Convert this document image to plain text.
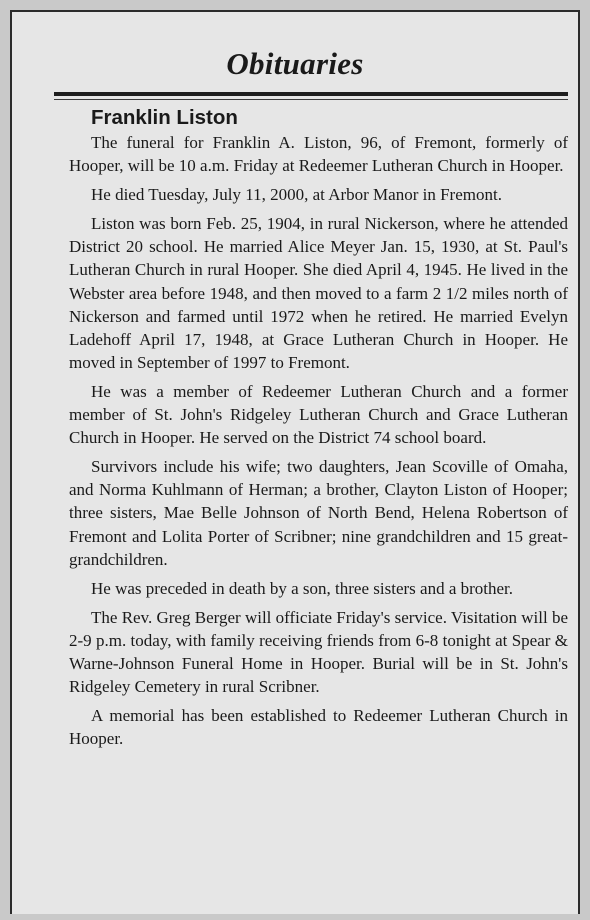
Obituaries
Franklin Liston

The funeral for Franklin A. Liston, 96, of Fremont, formerly of Hooper, will be 10 a.m. Friday at Redeemer Lutheran Church in Hooper.

He died Tuesday, July 11, 2000, at Arbor Manor in Fremont.

Liston was born Feb. 25, 1904, in rural Nickerson, where he attended District 20 school. He married Alice Meyer Jan. 15, 1930, at St. Paul's Lutheran Church in rural Hooper. She died April 4, 1945. He lived in the Webster area before 1948, and then moved to a farm 2 1/2 miles north of Nickerson and farmed until 1972 when he retired. He married Evelyn Ladehoff April 17, 1948, at Grace Lutheran Church in Hooper. He moved in September of 1997 to Fremont.

He was a member of Redeemer Lutheran Church and a former member of St. John's Ridgeley Lutheran Church and Grace Lutheran Church in Hooper. He served on the District 74 school board.

Survivors include his wife; two daughters, Jean Scoville of Omaha, and Norma Kuhlmann of Herman; a brother, Clayton Liston of Hooper; three sisters, Mae Belle Johnson of North Bend, Helena Robertson of Fremont and Lolita Porter of Scribner; nine grandchildren and 15 great-grandchildren.

He was preceded in death by a son, three sisters and a brother.

The Rev. Greg Berger will officiate Friday's service. Visitation will be 2-9 p.m. today, with family receiving friends from 6-8 tonight at Spear & Warne-Johnson Funeral Home in Hooper. Burial will be in St. John's Ridgeley Cemetery in rural Scribner.

A memorial has been established to Redeemer Lutheran Church in Hooper.
